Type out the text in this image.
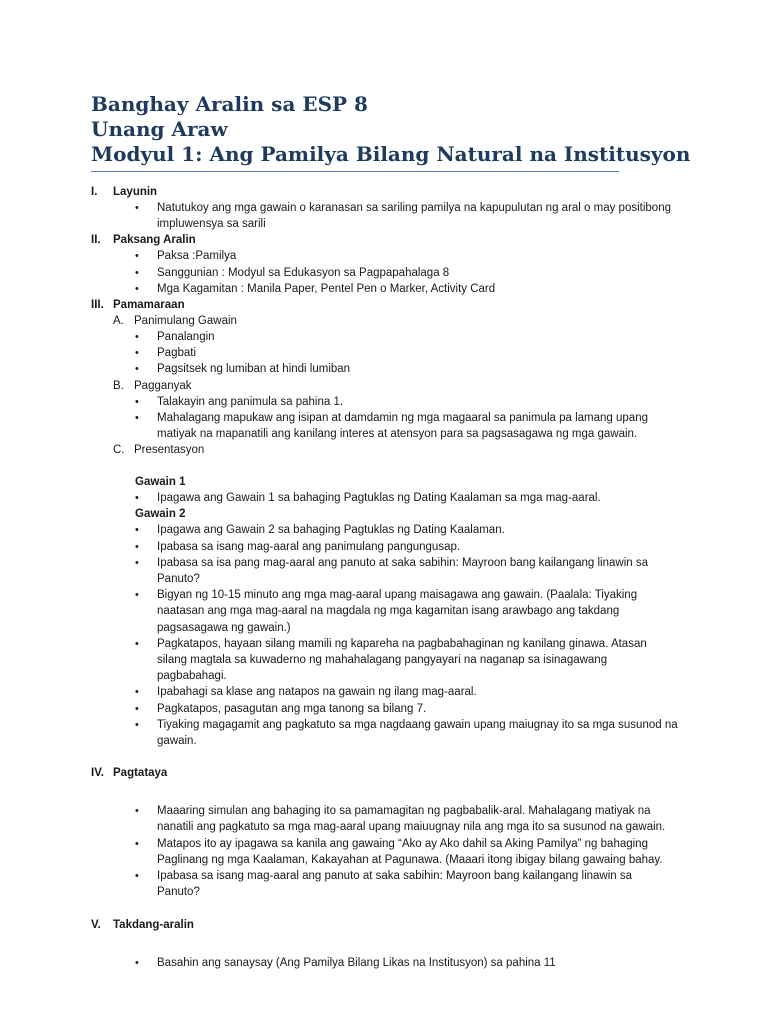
Banghay Aralin sa ESP 8
Unang Araw
Modyul 1: Ang Pamilya Bilang Natural na Institusyon
I. Layunin
• Natutukoy ang mga gawain o karanasan sa sariling pamilya na kapupulutan ng aral o may positibong impluwensya sa sarili
II. Paksang Aralin
• Paksa :Pamilya
• Sanggunian : Modyul sa Edukasyon sa Pagpapahalaga 8
• Mga Kagamitan : Manila Paper, Pentel Pen o Marker, Activity Card
III. Pamamaraan
A. Panimulang Gawain
• Panalangin
• Pagbati
• Pagsitsek ng lumiban at hindi lumiban
B. Pagganyak
• Talakayin ang panimula sa pahina 1.
• Mahalagang mapukaw ang isipan at damdamin ng mga magaaral sa panimula pa lamang upang matiyak na mapanatili ang kanilang interes at atensyon para sa pagsasagawa ng mga gawain.
C. Presentasyon
Gawain 1
• Ipagawa ang Gawain 1 sa bahaging Pagtuklas ng Dating Kaalaman sa mga mag-aaral.
Gawain 2
• Ipagawa ang Gawain 2 sa bahaging Pagtuklas ng Dating Kaalaman.
• Ipabasa sa isang mag-aaral ang panimulang pangungusap.
• Ipabasa sa isa pang mag-aaral ang panuto at saka sabihin: Mayroon bang kailangang linawin sa Panuto?
• Bigyan ng 10-15 minuto ang mga mag-aaral upang maisagawa ang gawain. (Paalala: Tiyaking naatasan ang mga mag-aaral na magdala ng mga kagamitan isang arawbago ang takdang pagsasagawa ng gawain.)
• Pagkatapos, hayaan silang mamili ng kapareha na pagbabahaginan ng kanilang ginawa. Atasan silang magtala sa kuwaderno ng mahahalagang pangyayari na naganap sa isinagawang pagbabahagi.
• Ipabahagi sa klase ang natapos na gawain ng ilang mag-aaral.
• Pagkatapos, pasagutan ang mga tanong sa bilang 7.
• Tiyaking magagamit ang pagkatuto sa mga nagdaang gawain upang maiugnay ito sa mga susunod na gawain.
IV. Pagtataya
• Maaaring simulan ang bahaging ito sa pamamagitan ng pagbabalik-aral. Mahalagang matiyak na nanatili ang pagkatuto sa mga mag-aaral upang maiuugnay nila ang mga ito sa susunod na gawain.
• Matapos ito ay ipagawa sa kanila ang gawaing “Ako ay Ako dahil sa Aking Pamilya” ng bahaging Paglinang ng mga Kaalaman, Kakayahan at Pagunawa. (Maaari itong ibigay bilang gawaing bahay.
• Ipabasa sa isang mag-aaral ang panuto at saka sabihin: Mayroon bang kailangang linawin sa Panuto?
V. Takdang-aralin
• Basahin ang sanaysay (Ang Pamilya Bilang Likas na Institusyon) sa pahina 11
